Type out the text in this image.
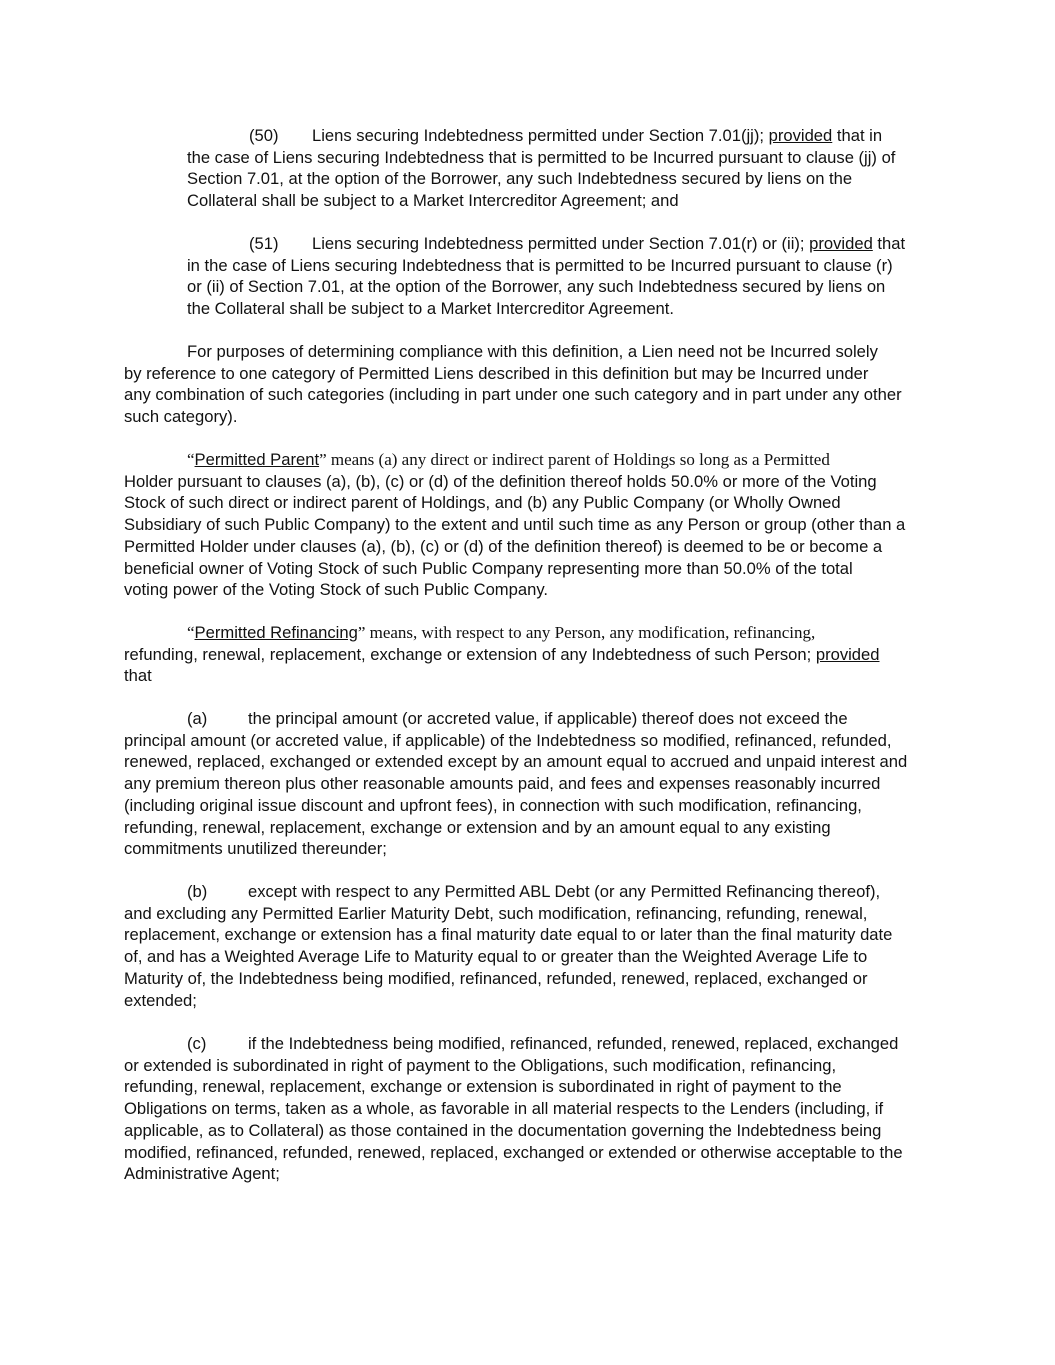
(50) Liens securing Indebtedness permitted under Section 7.01(jj); provided that in
the case of Liens securing Indebtedness that is permitted to be Incurred pursuant to clause (jj) of
Section 7.01, at the option of the Borrower, any such Indebtedness secured by liens on the
Collateral shall be subject to a Market Intercreditor Agreement; and

(51) Liens securing Indebtedness permitted under Section 7.01(r) or (ii); provided that
in the case of Liens securing Indebtedness that is permitted to be Incurred pursuant to clause (r)
or (ii) of Section 7.01, at the option of the Borrower, any such Indebtedness secured by liens on
the Collateral shall be subject to a Market Intercreditor Agreement.

For purposes of determining compliance with this definition, a Lien need not be Incurred solely
by reference to one category of Permitted Liens described in this definition but may be Incurred under
any combination of such categories (including in part under one such category and in part under any other
such category).

“Permitted Parent” means (a) any direct or indirect parent of Holdings so long as a Permitted
Holder pursuant to clauses (a), (b), (c) or (d) of the definition thereof holds 50.0% or more of the Voting
Stock of such direct or indirect parent of Holdings, and (b) any Public Company (or Wholly Owned
Subsidiary of such Public Company) to the extent and until such time as any Person or group (other than a
Permitted Holder under clauses (a), (b), (c) or (d) of the definition thereof) is deemed to be or become a
beneficial owner of Voting Stock of such Public Company representing more than 50.0% of the total
voting power of the Voting Stock of such Public Company.

“Permitted Refinancing” means, with respect to any Person, any modification, refinancing,
refunding, renewal, replacement, exchange or extension of any Indebtedness of such Person; provided
that

(a) the principal amount (or accreted value, if applicable) thereof does not exceed the
principal amount (or accreted value, if applicable) of the Indebtedness so modified, refinanced, refunded,
renewed, replaced, exchanged or extended except by an amount equal to accrued and unpaid interest and
any premium thereon plus other reasonable amounts paid, and fees and expenses reasonably incurred
(including original issue discount and upfront fees), in connection with such modification, refinancing,
refunding, renewal, replacement, exchange or extension and by an amount equal to any existing
commitments unutilized thereunder;

(b) except with respect to any Permitted ABL Debt (or any Permitted Refinancing thereof),
and excluding any Permitted Earlier Maturity Debt, such modification, refinancing, refunding, renewal,
replacement, exchange or extension has a final maturity date equal to or later than the final maturity date
of, and has a Weighted Average Life to Maturity equal to or greater than the Weighted Average Life to
Maturity of, the Indebtedness being modified, refinanced, refunded, renewed, replaced, exchanged or
extended;

(c)	if the Indebtedness being modified, refinanced, refunded, renewed, replaced, exchanged
or extended is subordinated in right of payment to the Obligations, such modification, refinancing,
refunding, renewal, replacement, exchange or extension is subordinated in right of payment to the
Obligations on terms, taken as a whole, as favorable in all material respects to the Lenders (including, if
applicable, as to Collateral) as those contained in the documentation governing the Indebtedness being
modified, refinanced, refunded, renewed, replaced, exchanged or extended or otherwise acceptable to the
Administrative Agent;
